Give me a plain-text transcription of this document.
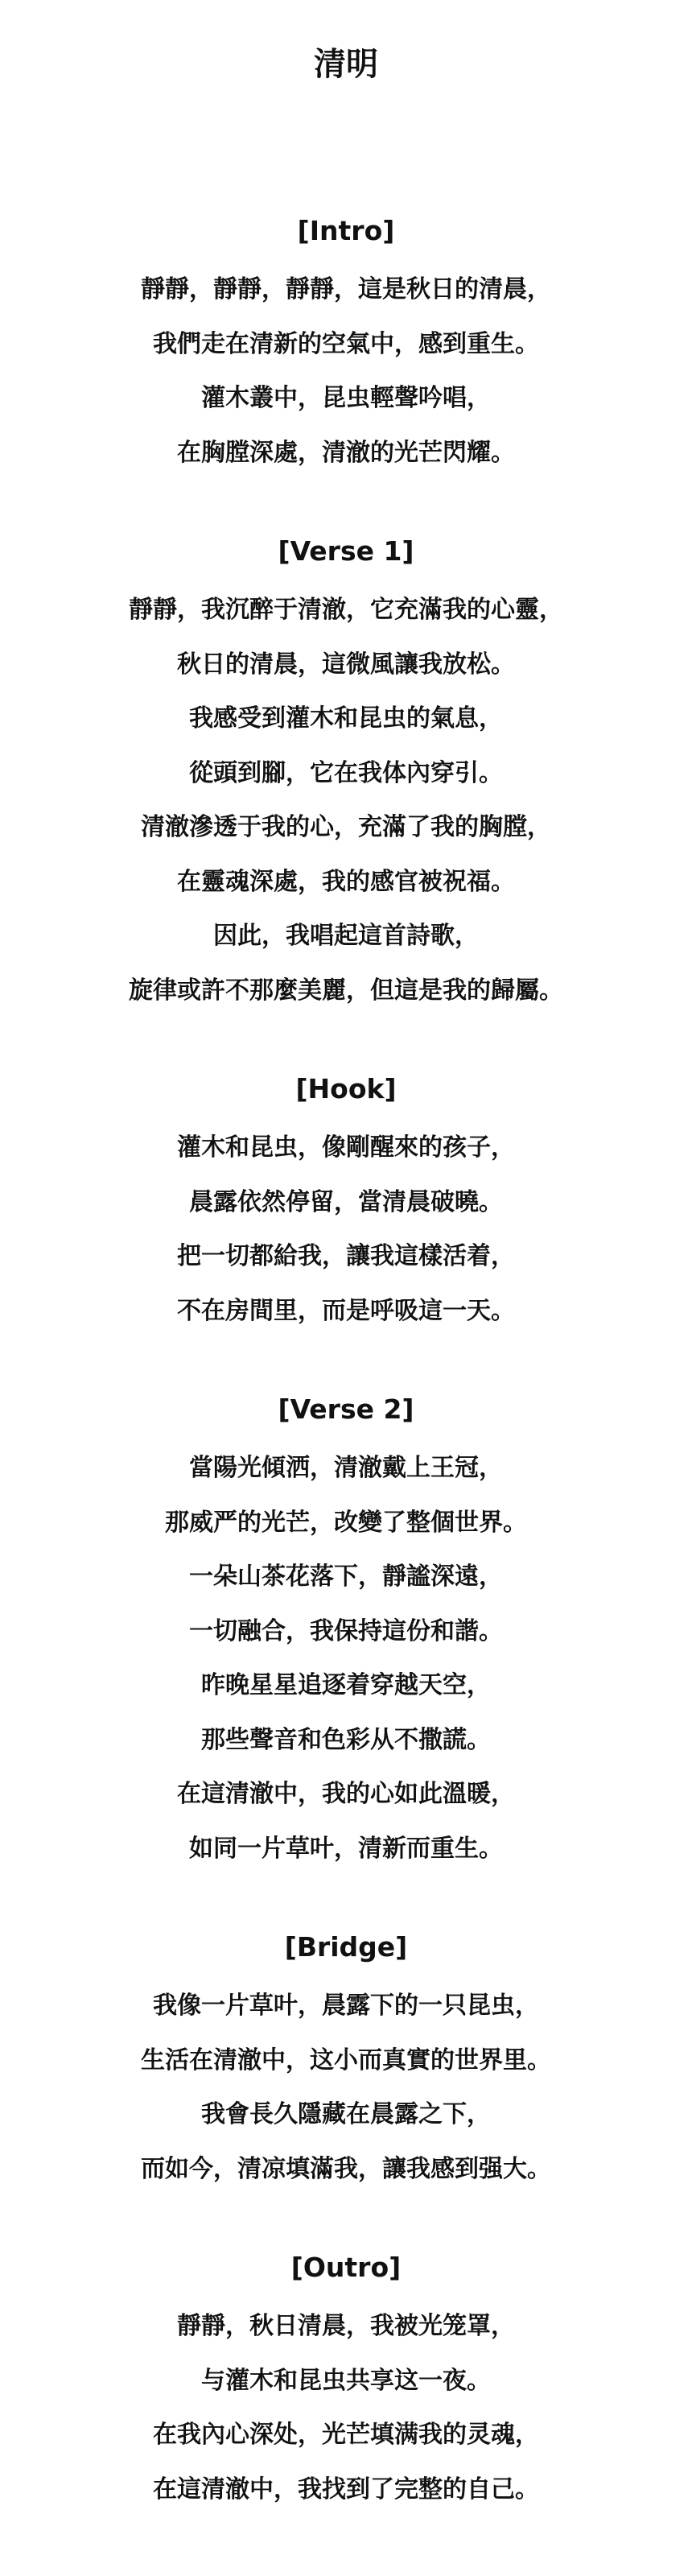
清明

[Intro]

靜靜，靜靜，靜靜，這是秋日的清晨，

我們走在清新的空氣中，感到重生。

灌木叢中，昆虫輕聲吟唱，

在胸膛深處，清澈的光芒閃耀。

[Verse 1]

靜靜，我沉醉于清澈，它充滿我的心靈，

秋日的清晨，這微風讓我放松。

我感受到灌木和昆虫的氣息，

從頭到腳，它在我体內穿引。

清澈滲透于我的心，充滿了我的胸膛，

在靈魂深處，我的感官被祝福。

因此，我唱起這首詩歌，

旋律或許不那麼美麗，但這是我的歸屬。

[Hook]

灌木和昆虫，像剛醒來的孩子，

晨露依然停留，當清晨破曉。

把一切都給我，讓我這樣活着，

不在房間里，而是呼吸這一天。

[Verse 2]

當陽光傾洒，清澈戴上王冠，

那威严的光芒，改變了整個世界。

一朵山茶花落下，靜謐深遠，

一切融合，我保持這份和諧。

昨晚星星追逐着穿越天空，

那些聲音和色彩从不撒謊。

在這清澈中，我的心如此溫暖，

如同一片草叶，清新而重生。

[Bridge]

我像一片草叶，晨露下的一只昆虫，

生活在清澈中，这小而真實的世界里。

我會長久隱藏在晨露之下，

而如今，清凉填滿我，讓我感到强大。

[Outro]

靜靜，秋日清晨，我被光笼罩，

与灌木和昆虫共享这一夜。

在我內心深处，光芒填满我的灵魂，

在這清澈中，我找到了完整的自己。
